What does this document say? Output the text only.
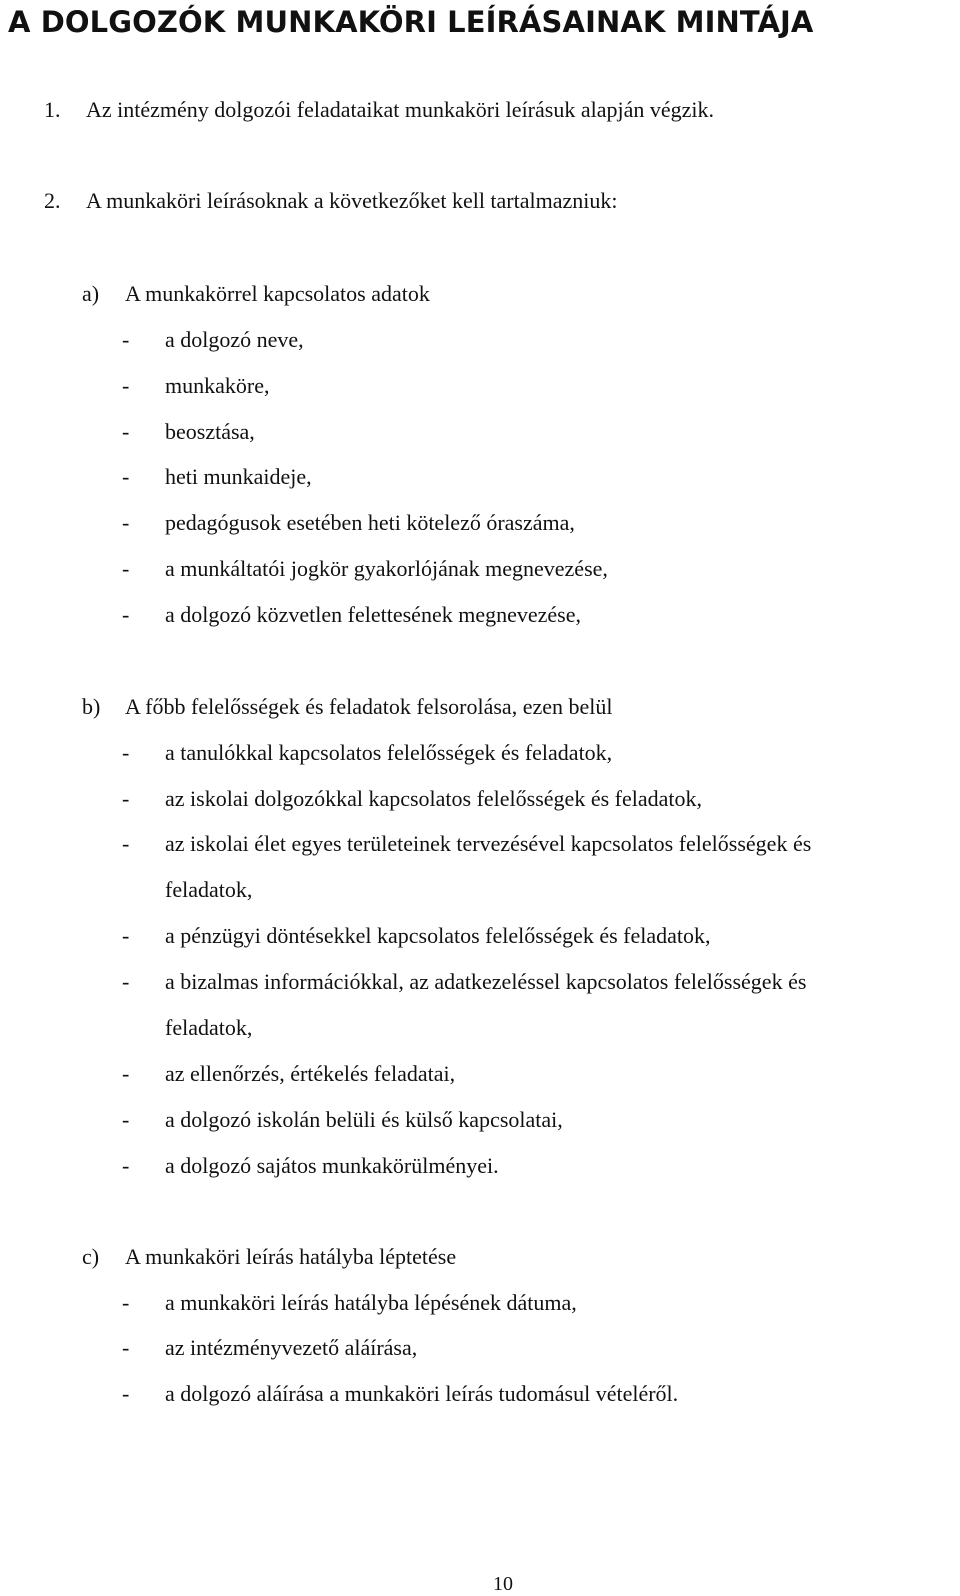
A DOLGOZÓK MUNKAKÖRI LEÍRÁSAINAK MINTÁJA
1. Az intézmény dolgozói feladataikat munkaköri leírásuk alapján végzik.
2. A munkaköri leírásoknak a következőket kell tartalmazniuk:
a) A munkakörrel kapcsolatos adatok
- a dolgozó neve,
- munkaköre,
- beosztása,
- heti munkaideje,
- pedagógusok esetében heti kötelező óraszáma,
- a munkáltatói jogkör gyakorlójának megnevezése,
- a dolgozó közvetlen felettesének megnevezése,
b) A főbb felelősségek és feladatok felsorolása, ezen belül
- a tanulókkal kapcsolatos felelősségek és feladatok,
- az iskolai dolgozókkal kapcsolatos felelősségek és feladatok,
- az iskolai élet egyes területeinek tervezésével kapcsolatos felelősségek és
feladatok,
- a pénzügyi döntésekkel kapcsolatos felelősségek és feladatok,
- a bizalmas információkkal, az adatkezeléssel kapcsolatos felelősségek és
feladatok,
- az ellenőrzés, értékelés feladatai,
- a dolgozó iskolán belüli és külső kapcsolatai,
- a dolgozó sajátos munkakörülményei.
c) A munkaköri leírás hatályba léptetése
- a munkaköri leírás hatályba lépésének dátuma,
- az intézményvezető aláírása,
- a dolgozó aláírása a munkaköri leírás tudomásul vételéről.
10
